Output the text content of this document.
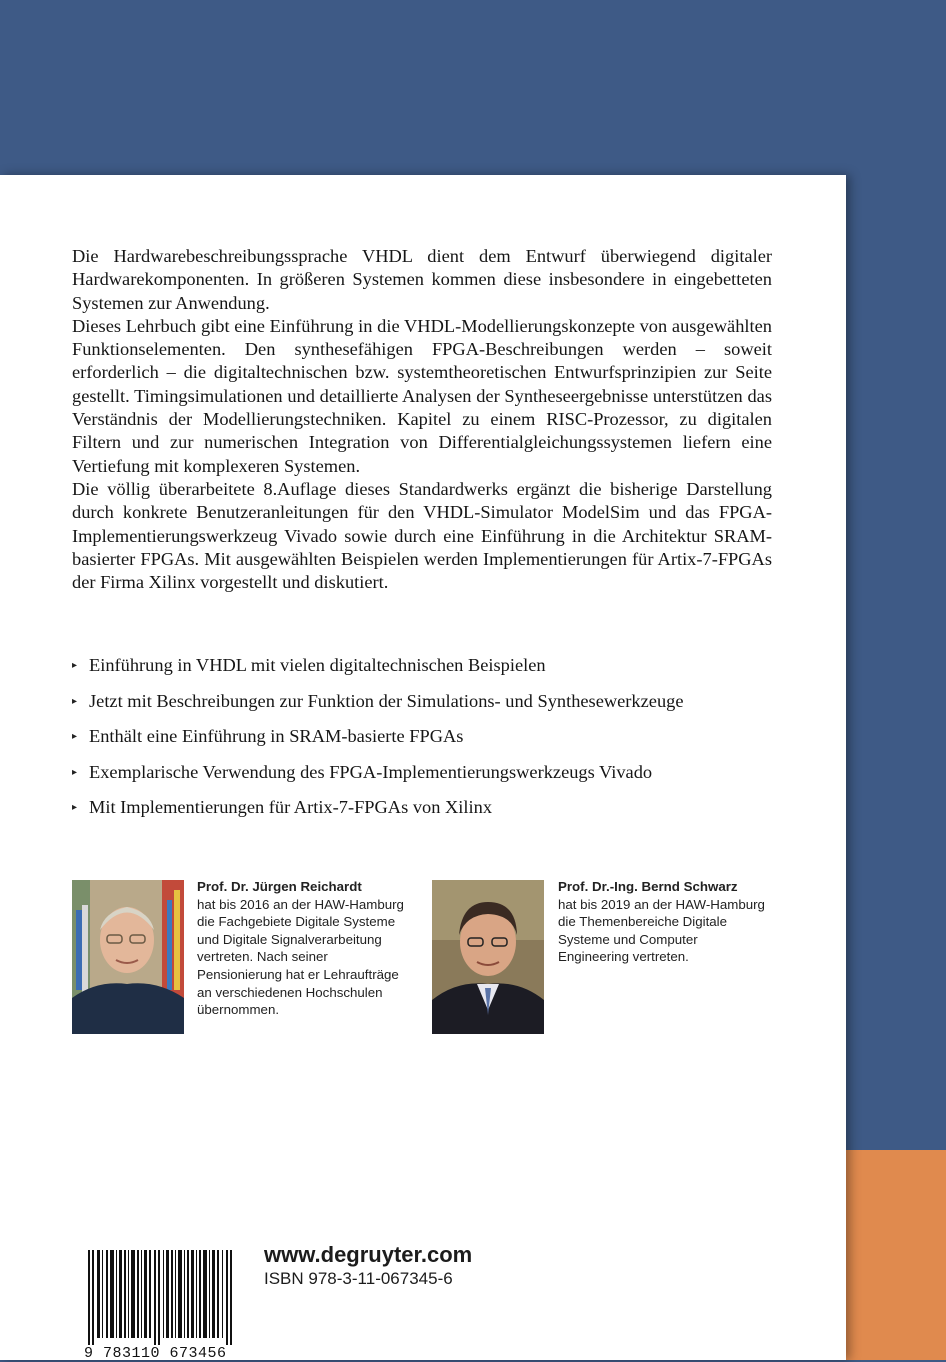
Die Hardwarebeschreibungssprache VHDL dient dem Entwurf überwiegend digitaler Hardwarekomponenten. In größeren Systemen kommen diese insbesondere in eingebetteten Systemen zur Anwendung.

Dieses Lehrbuch gibt eine Einführung in die VHDL-Modellierungskonzepte von ausgewählten Funktionselementen. Den synthesefähigen FPGA-Beschreibungen werden – soweit erforderlich – die digitaltechnischen bzw. systemtheoretischen Entwurfsprinzipien zur Seite gestellt. Timingsimulationen und detaillierte Analysen der Syntheseergebnisse unterstützen das Verständnis der Modellierungstechniken. Kapitel zu einem RISC-Prozessor, zu digitalen Filtern und zur numerischen Integration von Differentialgleichungssystemen liefern eine Vertiefung mit komplexeren Systemen.

Die völlig überarbeitete 8.Auflage dieses Standardwerks ergänzt die bisherige Darstellung durch konkrete Benutzeranleitungen für den VHDL-Simulator ModelSim und das FPGA-Implementierungswerkzeug Vivado sowie durch eine Einführung in die Architektur SRAM-basierter FPGAs. Mit ausgewählten Beispielen werden Implementierungen für Artix-7-FPGAs der Firma Xilinx vorgestellt und diskutiert.

▸ Einführung in VHDL mit vielen digitaltechnischen Beispielen
▸ Jetzt mit Beschreibungen zur Funktion der Simulations- und Synthesewerkzeuge
▸ Enthält eine Einführung in SRAM-basierte FPGAs
▸ Exemplarische Verwendung des FPGA-Implementierungswerkzeugs Vivado
▸ Mit Implementierungen für Artix-7-FPGAs von Xilinx
Prof. Dr. Jürgen Reichardt
hat bis 2016 an der HAW-Hamburg die Fachgebiete Digitale Systeme und Digitale Signalverarbeitung vertreten. Nach seiner Pensionierung hat er Lehraufträge an verschiedenen Hochschulen übernommen.
Prof. Dr.-Ing. Bernd Schwarz
hat bis 2019 an der HAW-Hamburg die Themenbereiche Digitale Systeme und Computer Engineering vertreten.
9 783110 673456
www.degruyter.com
ISBN 978-3-11-067345-6
